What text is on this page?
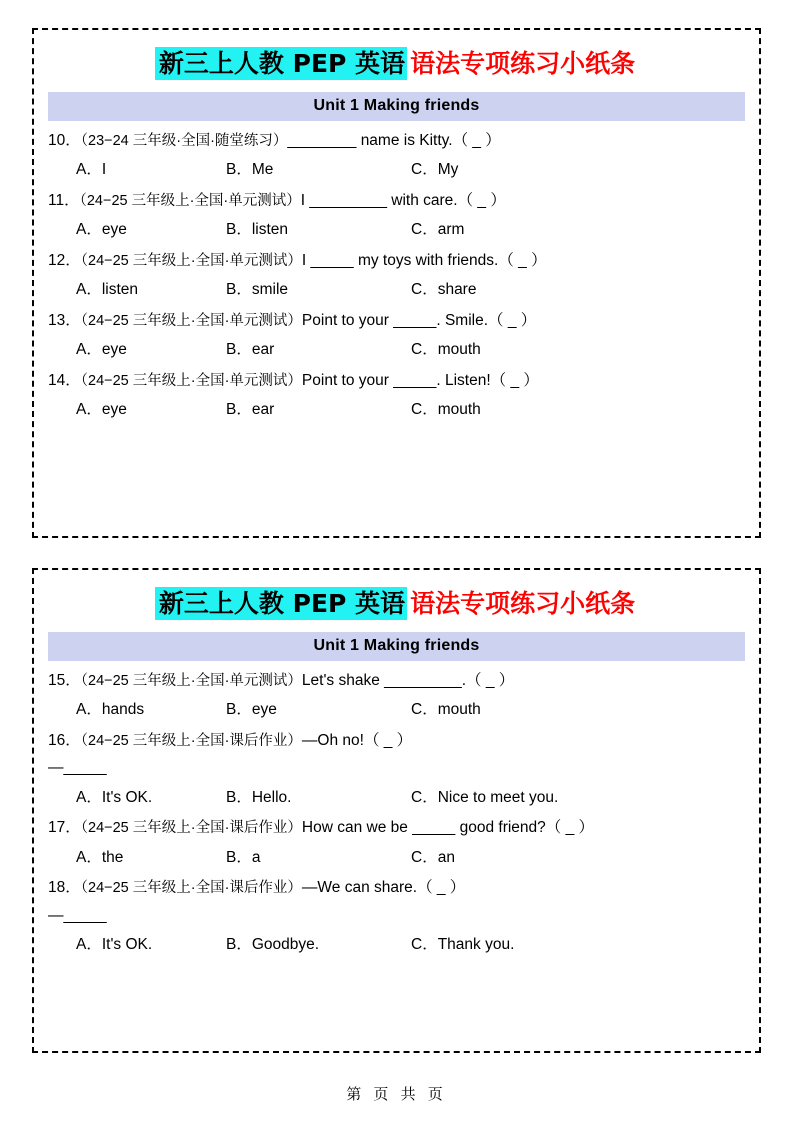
新三上人教 PEP 英语 语法专项练习小纸条
Unit 1 Making friends
10．（23−24 三年级·全国·随堂练习）________ name is Kitty.（ _ ）
A．I	B．Me	C．My
11．（24−25 三年级上·全国·单元测试）I _________ with care.（ _ ）
A．eye	B．listen	C．arm
12．（24−25 三年级上·全国·单元测试）I _____ my toys with friends.（ _ ）
A．listen	B．smile	C．share
13．（24−25 三年级上·全国·单元测试）Point to your _____. Smile.（ _ ）
A．eye	B．ear	C．mouth
14．（24−25 三年级上·全国·单元测试）Point to your _____. Listen!（ _ ）
A．eye	B．ear	C．mouth
新三上人教 PEP 英语 语法专项练习小纸条
Unit 1 Making friends
15．（24−25 三年级上·全国·单元测试）Let's shake _________.（ _ ）
A．hands	B．eye	C．mouth
16．（24−25 三年级上·全国·课后作业）—Oh no!（ _ ）
—_____
A．It's OK.	B．Hello.	C．Nice to meet you.
17．（24−25 三年级上·全国·课后作业）How can we be _____ good friend?（ _ ）
A．the	B．a	C．an
18．（24−25 三年级上·全国·课后作业）—We can share.（ _ ）
—_____
A．It's OK.	B．Goodbye.	C．Thank you.
第 页 共 页
